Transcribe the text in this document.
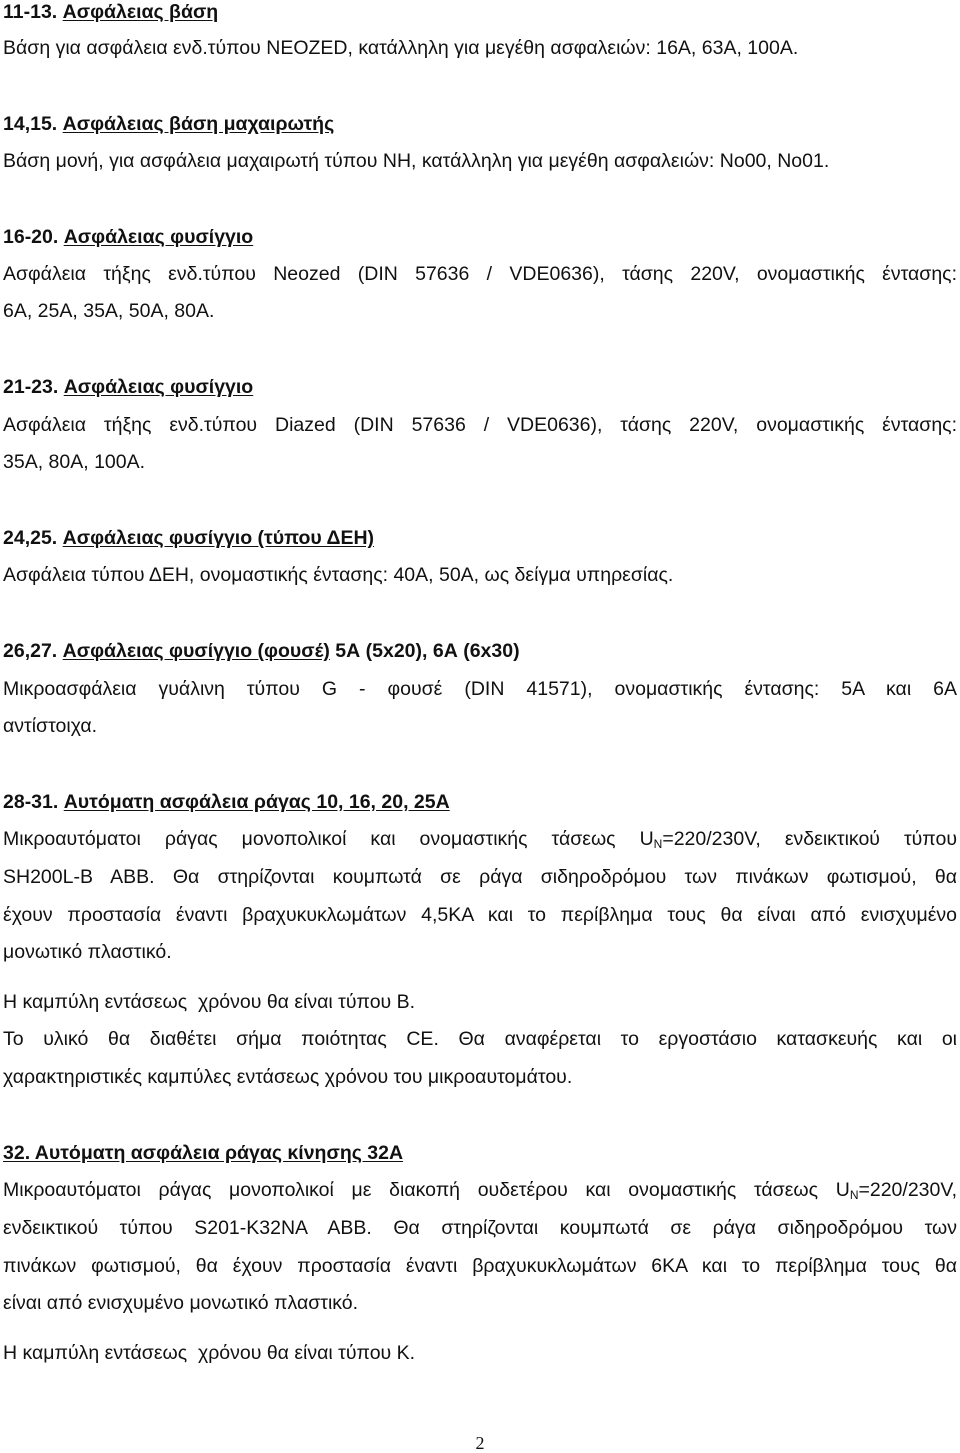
11-13. Ασφάλειας βάση
Βάση για ασφάλεια ενδ.τύπου NEOZED, κατάλληλη για μεγέθη ασφαλειών: 16Α, 63Α, 100Α.
14,15. Ασφάλειας βάση μαχαιρωτής
Βάση μονή, για ασφάλεια μαχαιρωτή τύπου ΝΗ, κατάλληλη για μεγέθη ασφαλειών: Νο00, Νο01.
16-20. Ασφάλειας φυσίγγιο
Ασφάλεια τήξης ενδ.τύπου Neozed (DIN 57636 / VDE0636), τάσης 220V, ονομαστικής έντασης:
6Α, 25Α, 35Α, 50Α, 80Α.
21-23. Ασφάλειας φυσίγγιο
Ασφάλεια τήξης ενδ.τύπου Diazed (DIN 57636 / VDE0636), τάσης 220V, ονομαστικής έντασης:
35Α, 80Α, 100Α.
24,25. Ασφάλειας φυσίγγιο (τύπου ΔΕΗ)
Ασφάλεια τύπου ΔΕΗ, ονομαστικής έντασης: 40Α, 50Α, ως δείγμα υπηρεσίας.
26,27. Ασφάλειας φυσίγγιο (φουσέ) 5Α (5x20), 6Α (6x30)
Μικροασφάλεια γυάλινη τύπου G - φουσέ (DIN 41571), ονομαστικής έντασης: 5Α και 6Α
αντίστοιχα.
28-31. Αυτόματη ασφάλεια ράγας 10, 16, 20, 25Α
Μικροαυτόματοι ράγας μονοπολικοί και ονομαστικής τάσεως $U_N=220/230V$, ενδεικτικού τύπου
SH200L-B ABB. Θα στηρίζονται κουμπωτά σε ράγα σιδηροδρόμου των πινάκων φωτισμού, θα
έχουν προστασία έναντι βραχυκυκλωμάτων 4,5ΚΑ και το περίβλημα τους θα είναι από ενισχυμένο
μονωτικό πλαστικό.
Η καμπύλη εντάσεως  χρόνου θα είναι τύπου Β.
Το υλικό θα διαθέτει σήμα ποιότητας CE. Θα αναφέρεται το εργοστάσιο κατασκευής και οι
χαρακτηριστικές καμπύλες εντάσεως χρόνου του μικροαυτομάτου.
32. Αυτόματη ασφάλεια ράγας κίνησης 32Α
Μικροαυτόματοι ράγας μονοπολικοί με διακοπή ουδετέρου και ονομαστικής τάσεως $U_N=220/230V$,
ενδεικτικού τύπου S201-K32NA ABB. Θα στηρίζονται κουμπωτά σε ράγα σιδηροδρόμου των
πινάκων φωτισμού, θα έχουν προστασία έναντι βραχυκυκλωμάτων 6ΚΑ και το περίβλημα τους θα
είναι από ενισχυμένο μονωτικό πλαστικό.
Η καμπύλη εντάσεως  χρόνου θα είναι τύπου Κ.
2
